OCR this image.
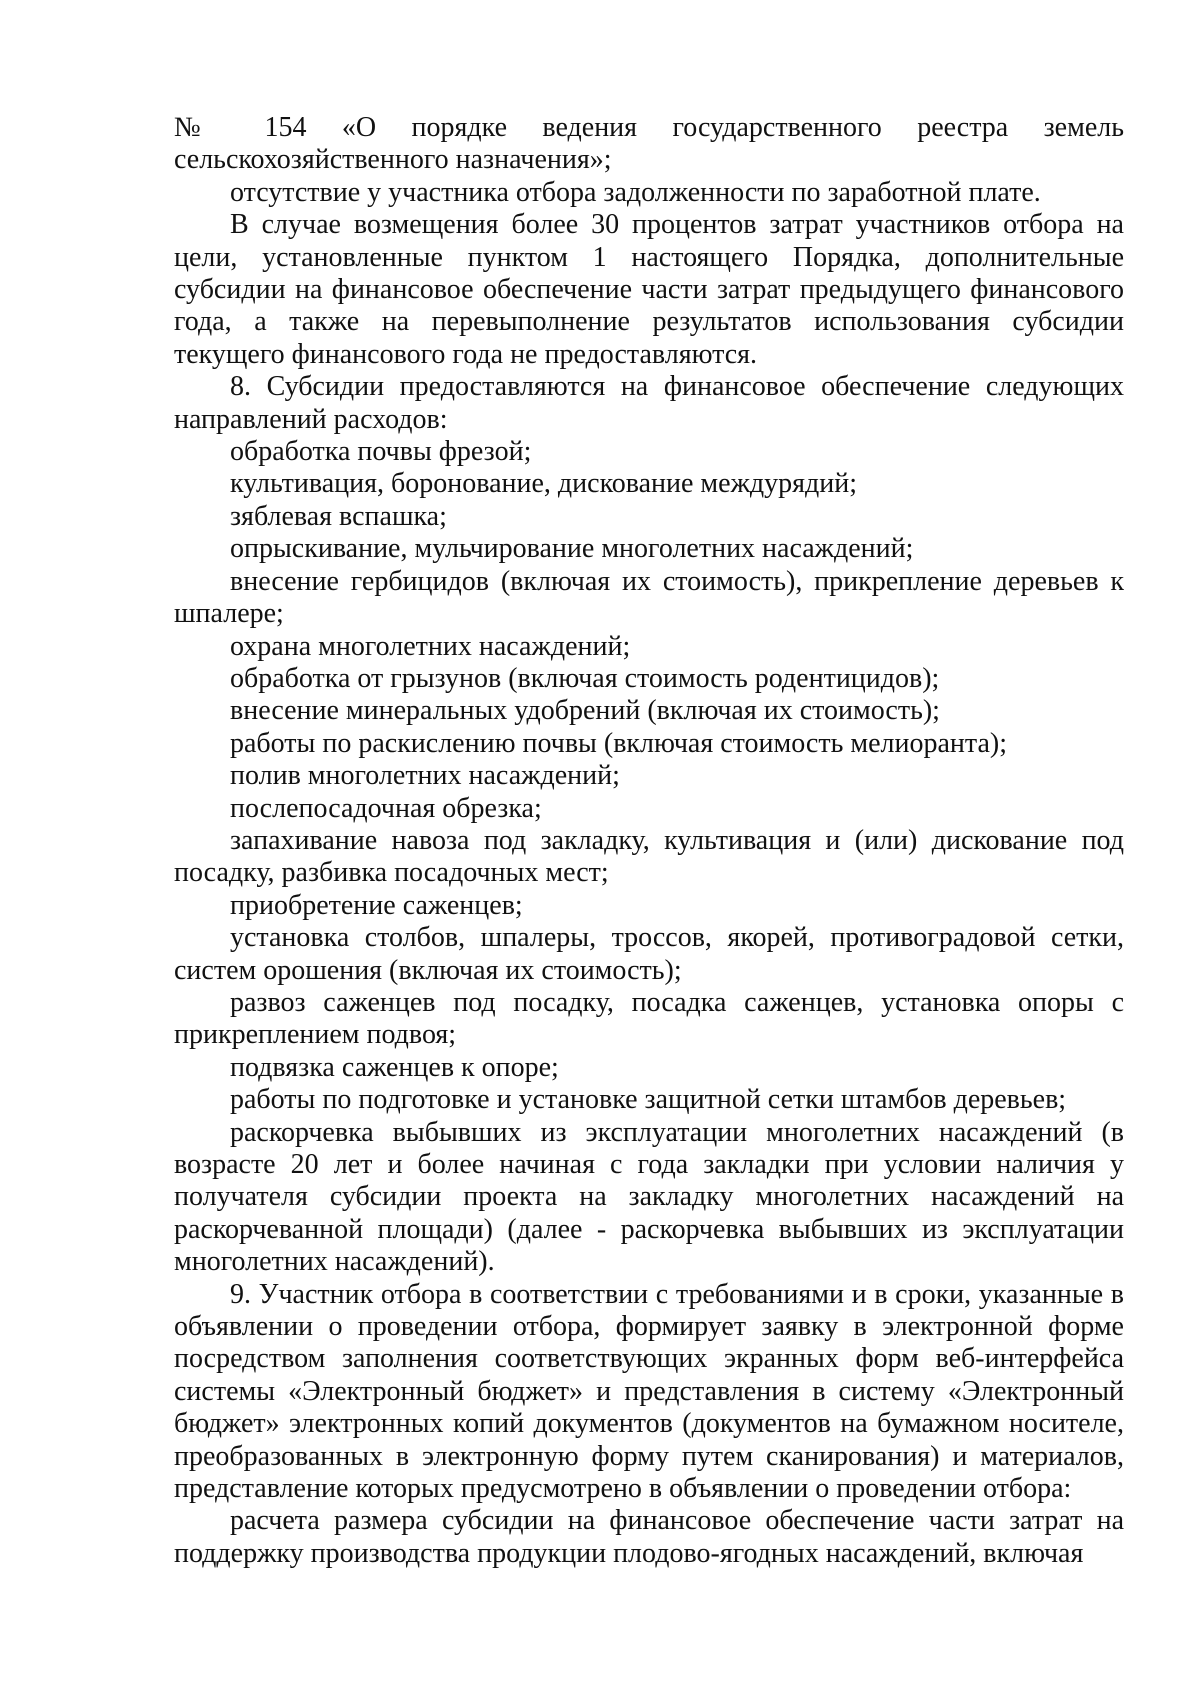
№ 154 «О порядке ведения государственного реестра земель сельскохозяйственного назначения»;

отсутствие у участника отбора задолженности по заработной плате.

В случае возмещения более 30 процентов затрат участников отбора на цели, установленные пунктом 1 настоящего Порядка, дополнительные субсидии на финансовое обеспечение части затрат предыдущего финансового года, а также на перевыполнение результатов использования субсидии текущего финансового года не предоставляются.

8. Субсидии предоставляются на финансовое обеспечение следующих направлений расходов:

обработка почвы фрезой;

культивация, боронование, дискование междурядий;

зяблевая вспашка;

опрыскивание, мульчирование многолетних насаждений;

внесение гербицидов (включая их стоимость), прикрепление деревьев к шпалере;

охрана многолетних насаждений;

обработка от грызунов (включая стоимость родентицидов);

внесение минеральных удобрений (включая их стоимость);

работы по раскислению почвы (включая стоимость мелиоранта);

полив многолетних насаждений;

послепосадочная обрезка;

запахивание навоза под закладку, культивация и (или) дискование под посадку, разбивка посадочных мест;

приобретение саженцев;

установка столбов, шпалеры, троссов, якорей, противоградовой сетки, систем орошения (включая их стоимость);

развоз саженцев под посадку, посадка саженцев, установка опоры с прикреплением подвоя;

подвязка саженцев к опоре;

работы по подготовке и установке защитной сетки штамбов деревьев;

раскорчевка выбывших из эксплуатации многолетних насаждений (в возрасте 20 лет и более начиная с года закладки при условии наличия у получателя субсидии проекта на закладку многолетних насаждений на раскорчеванной площади) (далее - раскорчевка выбывших из эксплуатации многолетних насаждений).

9. Участник отбора в соответствии с требованиями и в сроки, указанные в объявлении о проведении отбора, формирует заявку в электронной форме посредством заполнения соответствующих экранных форм веб-интерфейса системы «Электронный бюджет» и представления в систему «Электронный бюджет» электронных копий документов (документов на бумажном носителе, преобразованных в электронную форму путем сканирования) и материалов, представление которых предусмотрено в объявлении о проведении отбора:

расчета размера субсидии на финансовое обеспечение части затрат на поддержку производства продукции плодово-ягодных насаждений, включая
